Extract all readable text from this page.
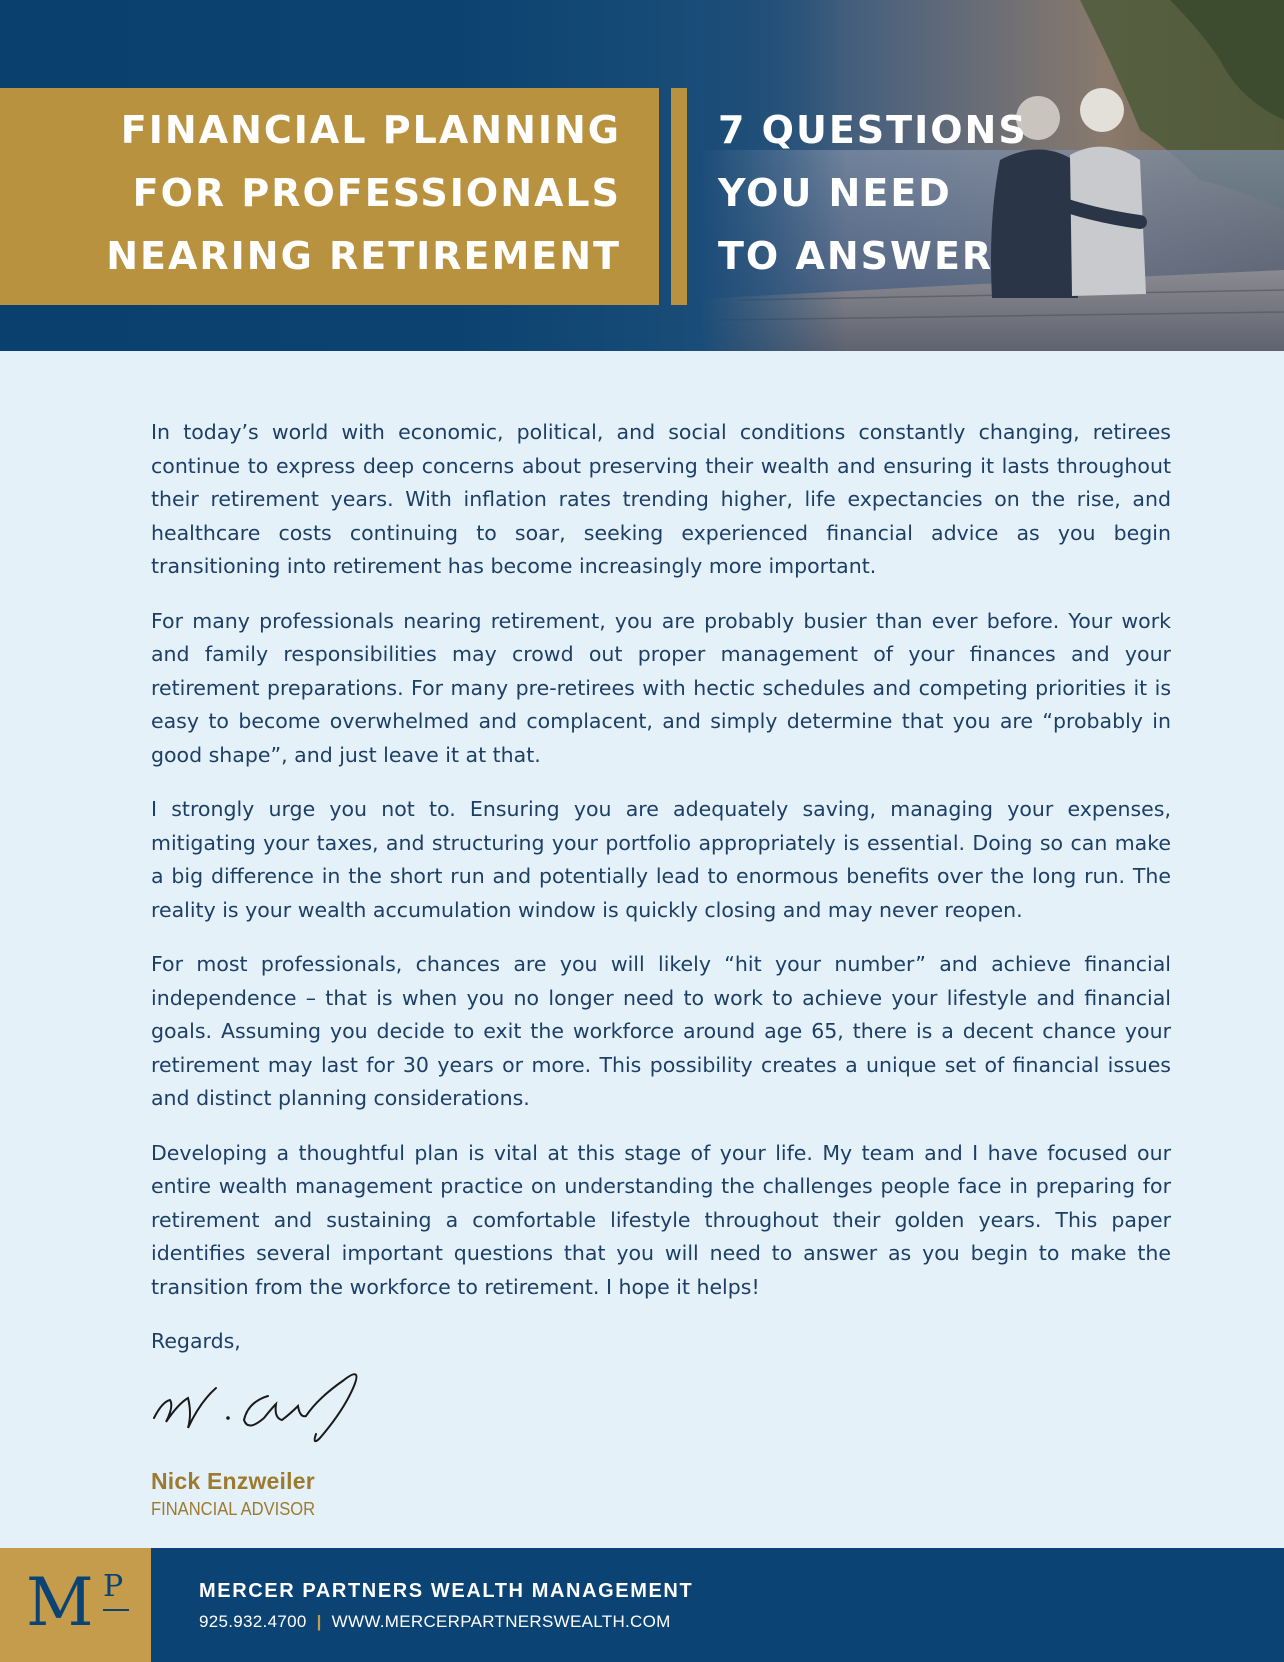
FINANCIAL PLANNING
FOR PROFESSIONALS
NEARING RETIREMENT
7 QUESTIONS
YOU NEED
TO ANSWER

In today’s world with economic, political, and social conditions constantly changing, retirees continue to express deep concerns about preserving their wealth and ensuring it lasts throughout their retirement years. With inflation rates trending higher, life expectancies on the rise, and healthcare costs continuing to soar, seeking experienced financial advice as you begin transitioning into retirement has become increasingly more important.

For many professionals nearing retirement, you are probably busier than ever before. Your work and family responsibilities may crowd out proper management of your finances and your retirement preparations. For many pre-retirees with hectic schedules and competing priorities it is easy to become overwhelmed and complacent, and simply determine that you are “probably in good shape”, and just leave it at that.

I strongly urge you not to. Ensuring you are adequately saving, managing your expenses, mitigating your taxes, and structuring your portfolio appropriately is essential. Doing so can make a big difference in the short run and potentially lead to enormous benefits over the long run. The reality is your wealth accumulation window is quickly closing and may never reopen.

For most professionals, chances are you will likely “hit your number” and achieve financial independence – that is when you no longer need to work to achieve your lifestyle and financial goals. Assuming you decide to exit the workforce around age 65, there is a decent chance your retirement may last for 30 years or more. This possibility creates a unique set of financial issues and distinct planning considerations.

Developing a thoughtful plan is vital at this stage of your life. My team and I have focused our entire wealth management practice on understanding the challenges people face in preparing for retirement and sustaining a comfortable lifestyle throughout their golden years. This paper identifies several important questions that you will need to answer as you begin to make the transition from the workforce to retirement. I hope it helps!

Regards,

Nick Enzweiler
FINANCIAL ADVISOR
M P	MERCER PARTNERS WEALTH MANAGEMENT
925.932.4700 | WWW.MERCERPARTNERSWEALTH.COM
